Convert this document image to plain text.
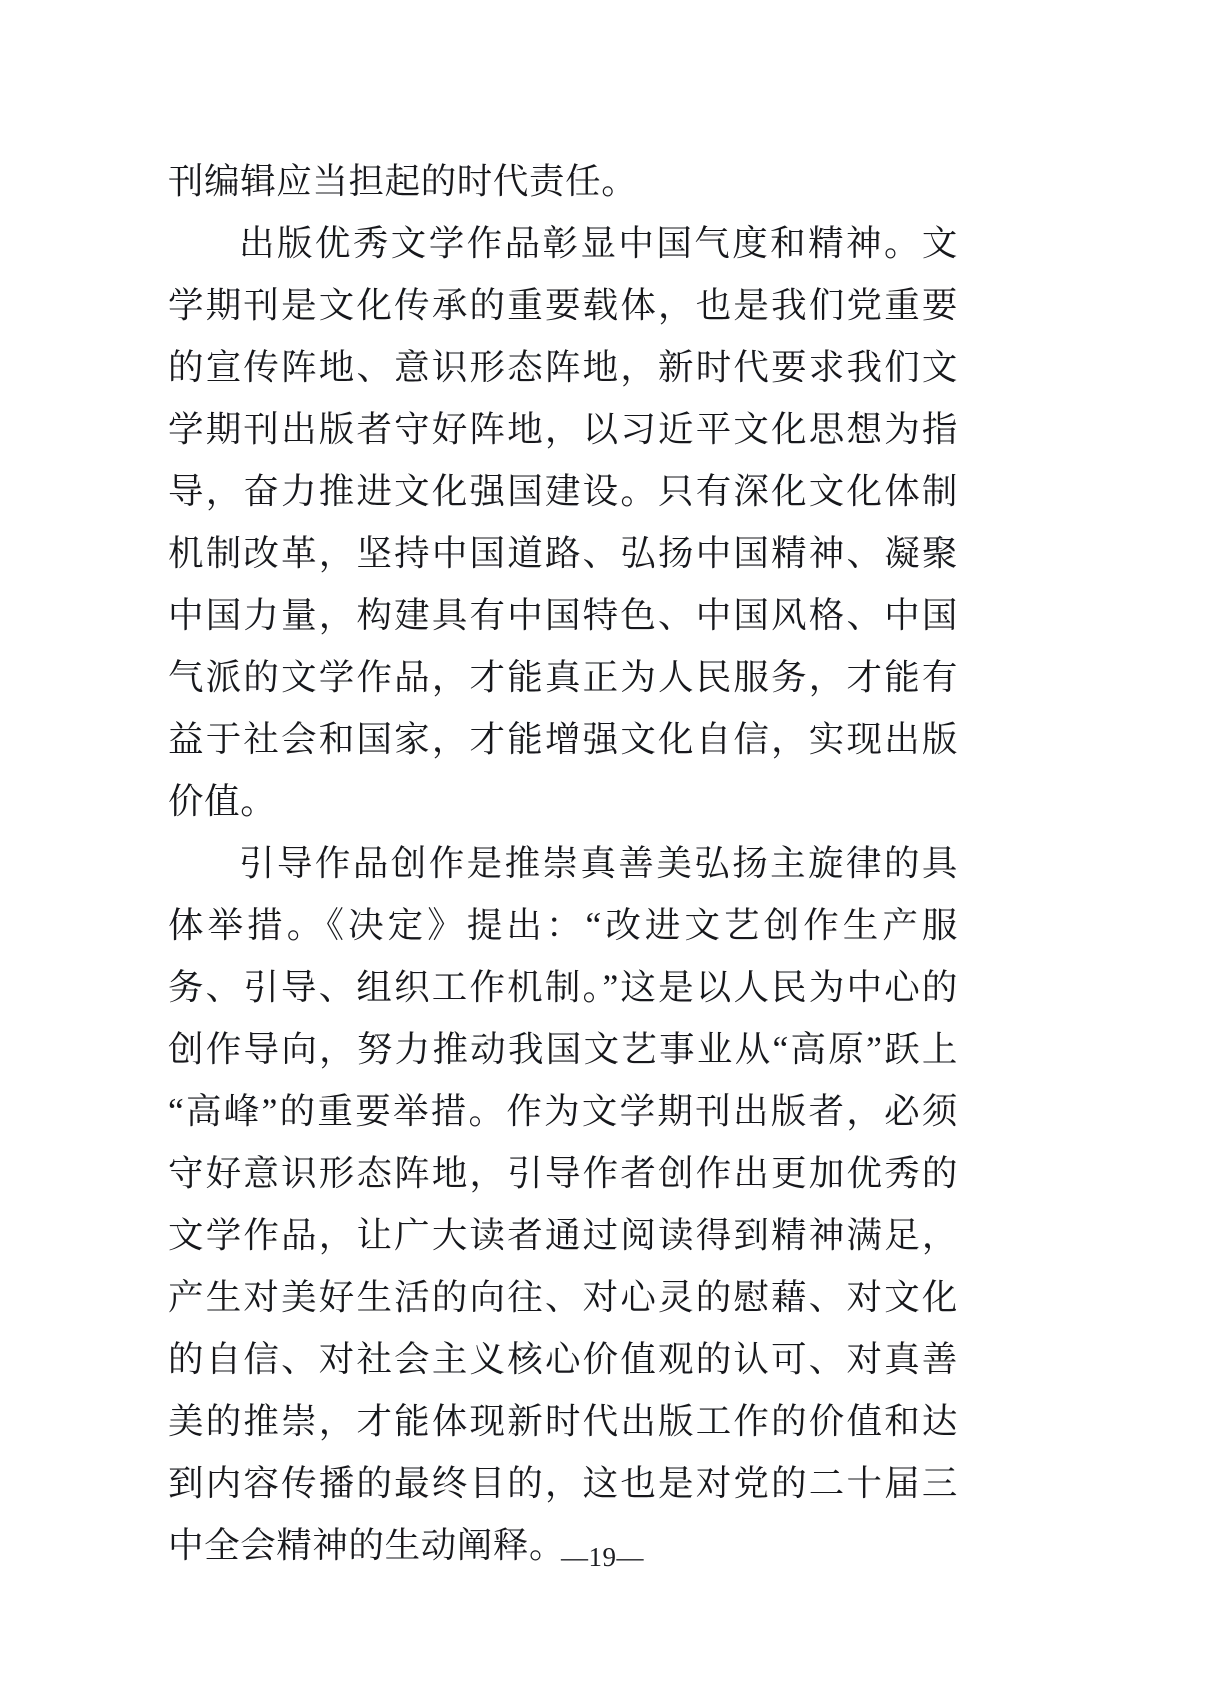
刊编辑应当担起的时代责任。

出版优秀文学作品彰显中国气度和精神。文学期刊是文化传承的重要载体，也是我们党重要的宣传阵地、意识形态阵地，新时代要求我们文学期刊出版者守好阵地，以习近平文化思想为指导，奋力推进文化强国建设。只有深化文化体制机制改革，坚持中国道路、弘扬中国精神、凝聚中国力量，构建具有中国特色、中国风格、中国气派的文学作品，才能真正为人民服务，才能有益于社会和国家，才能增强文化自信，实现出版价值。

引导作品创作是推崇真善美弘扬主旋律的具体举措。《决定》提出：“改进文艺创作生产服务、引导、组织工作机制。”这是以人民为中心的创作导向，努力推动我国文艺事业从“高原”跃上“高峰”的重要举措。作为文学期刊出版者，必须守好意识形态阵地，引导作者创作出更加优秀的文学作品，让广大读者通过阅读得到精神满足，产生对美好生活的向往、对心灵的慰藉、对文化的自信、对社会主义核心价值观的认可、对真善美的推崇，才能体现新时代出版工作的价值和达到内容传播的最终目的，这也是对党的二十届三中全会精神的生动阐释。

—19—
